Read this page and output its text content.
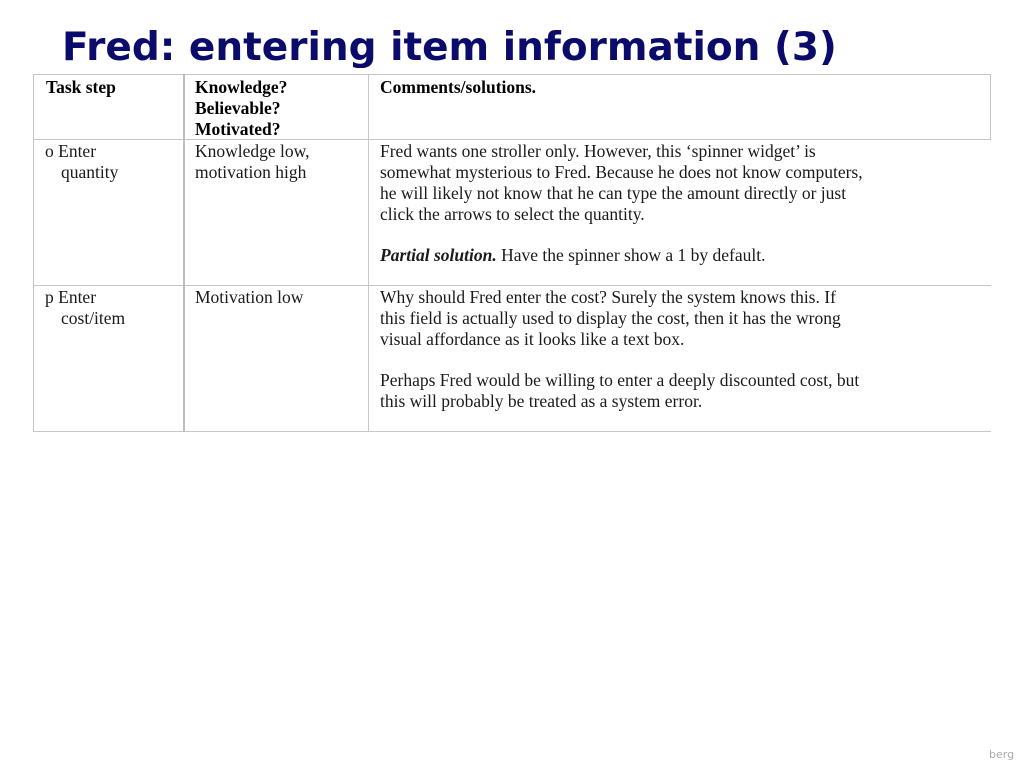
Fred: entering item information (3)
Task step	Knowledge?
Believable?
Motivated?
Comments/solutions.
o Enter
quantity
Knowledge low,
motivation high

Fred wants one stroller only. However, this ‘spinner widget’ is
somewhat mysterious to Fred. Because he does not know computers,
he will likely not know that he can type the amount directly or just
click the arrows to select the quantity.

Partial solution. Have the spinner show a 1 by default.

p Enter
cost/item
Motivation low	Why should Fred enter the cost? Surely the system knows this. If
this field is actually used to display the cost, then it has the wrong
visual affordance as it looks like a text box.

Perhaps Fred would be willing to enter a deeply discounted cost, but
this will probably be treated as a system error.

berg
